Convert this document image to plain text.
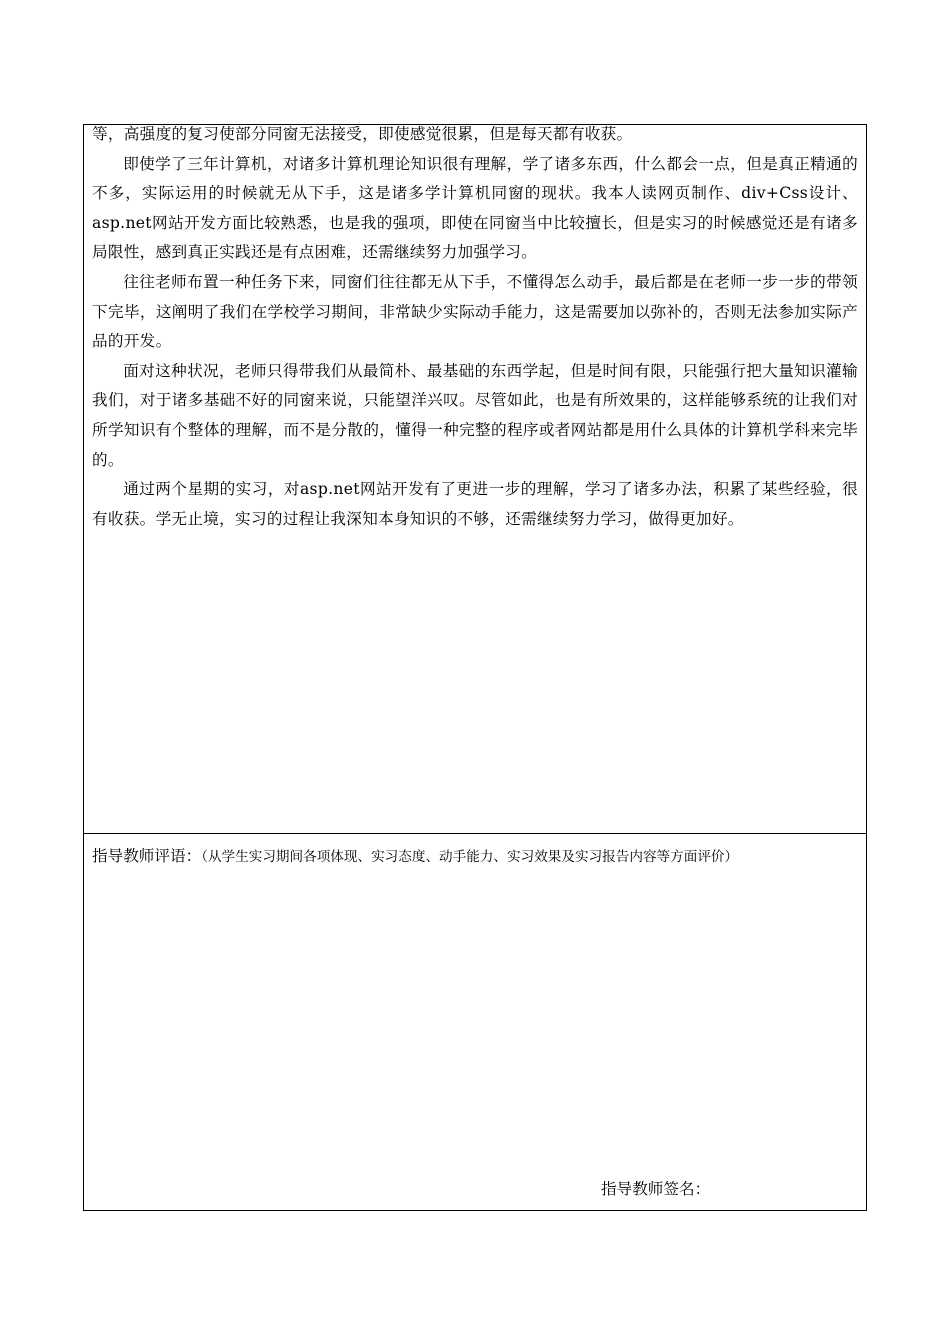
等，高强度的复习使部分同窗无法接受，即使感觉很累，但是每天都有收获。

即使学了三年计算机，对诸多计算机理论知识很有理解，学了诸多东西，什么都会一点，但是真正精通的不多，实际运用的时候就无从下手，这是诸多学计算机同窗的现状。我本人读网页制作、div+Css设计、asp.net网站开发方面比较熟悉，也是我的强项，即使在同窗当中比较擅长，但是实习的时候感觉还是有诸多局限性，感到真正实践还是有点困难，还需继续努力加强学习。

往往老师布置一种任务下来，同窗们往往都无从下手，不懂得怎么动手，最后都是在老师一步一步的带领下完毕，这阐明了我们在学校学习期间，非常缺少实际动手能力，这是需要加以弥补的，否则无法参加实际产品的开发。

面对这种状况，老师只得带我们从最简朴、最基础的东西学起，但是时间有限，只能强行把大量知识灌输我们，对于诸多基础不好的同窗来说，只能望洋兴叹。尽管如此，也是有所效果的，这样能够系统的让我们对所学知识有个整体的理解，而不是分散的，懂得一种完整的程序或者网站都是用什么具体的计算机学科来完毕的。

通过两个星期的实习，对asp.net网站开发有了更进一步的理解，学习了诸多办法，积累了某些经验，很有收获。学无止境，实习的过程让我深知本身知识的不够，还需继续努力学习，做得更加好。

指导教师评语：（从学生实习期间各项体现、实习态度、动手能力、实习效果及实习报告内容等方面评价）
指导教师签名：
